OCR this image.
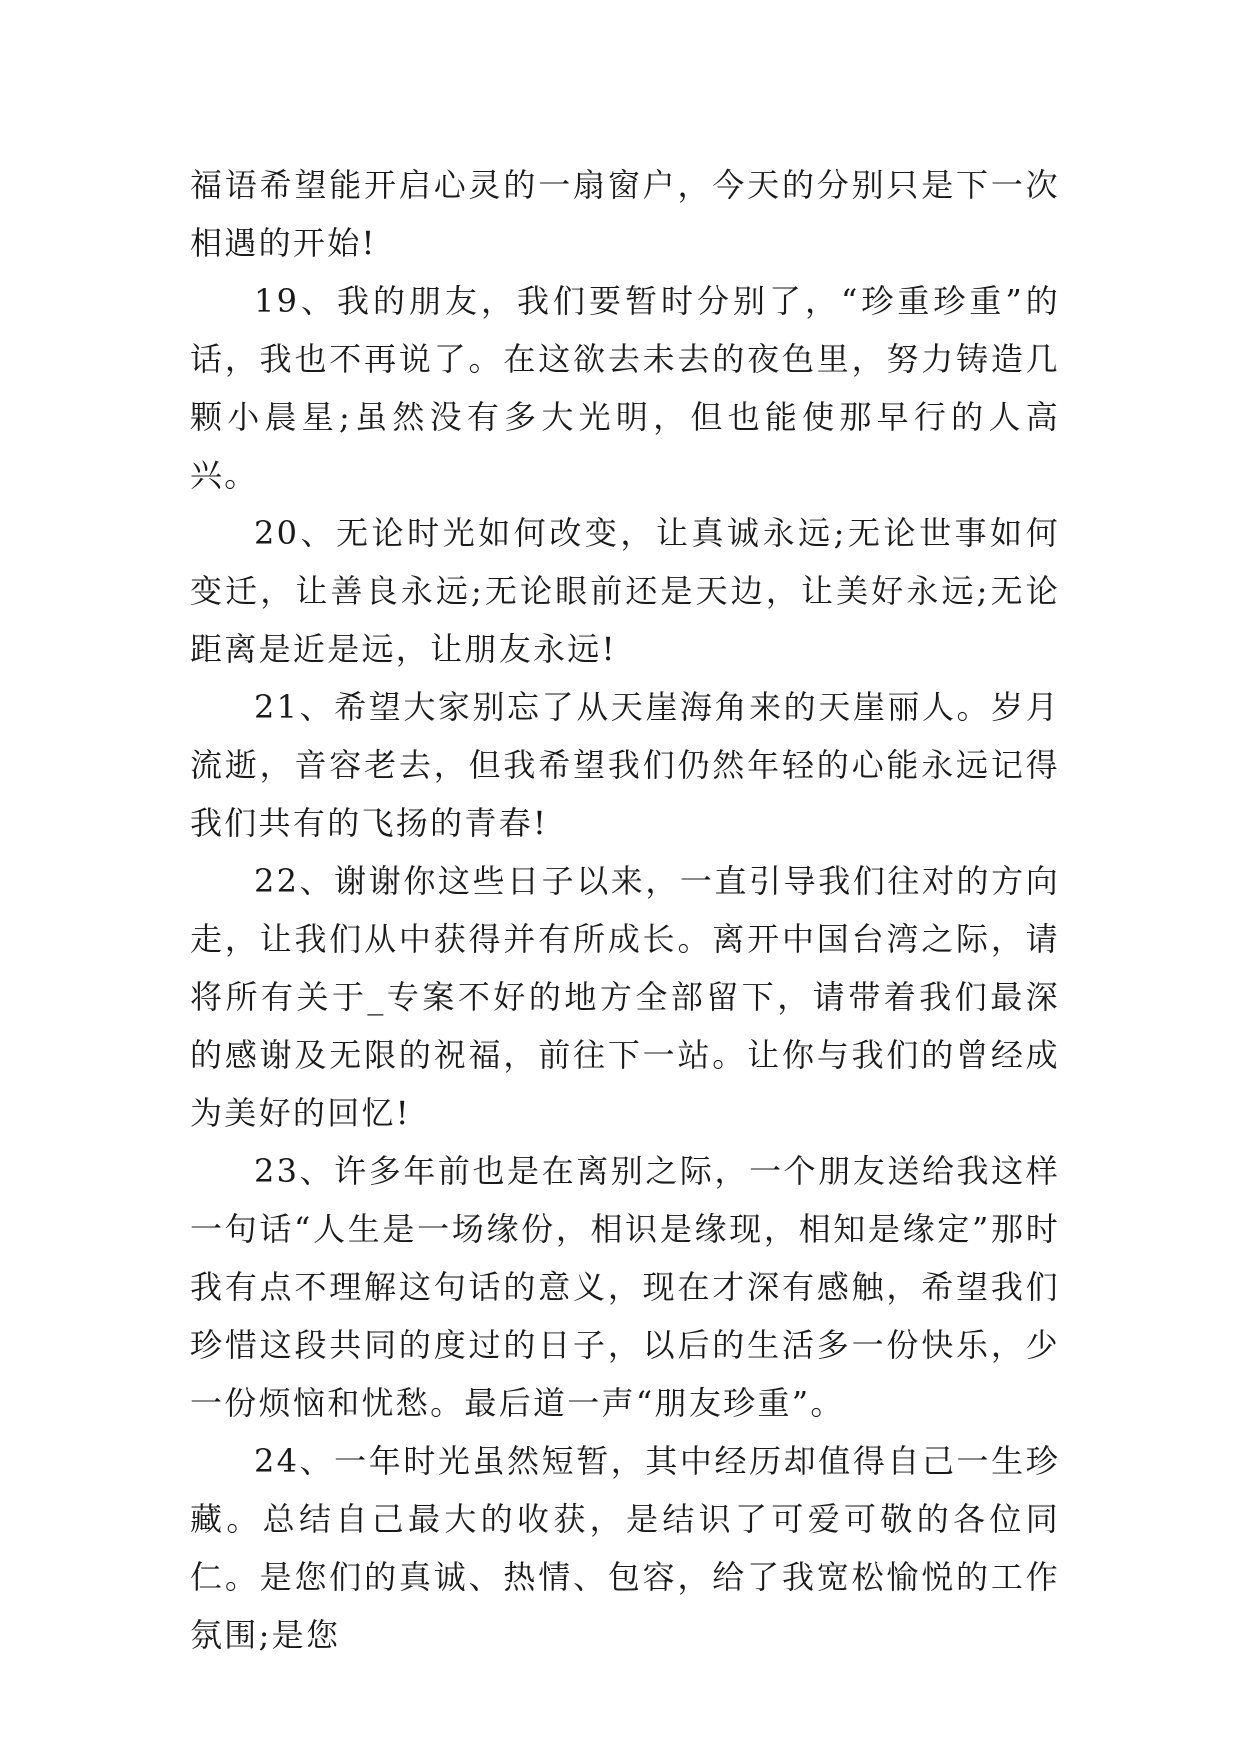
福语希望能开启心灵的一扇窗户，今天的分别只是下一次相遇的开始!

19、我的朋友，我们要暂时分别了，“珍重珍重”的话，我也不再说了。在这欲去未去的夜色里，努力铸造几颗小晨星;虽然没有多大光明，但也能使那早行的人高兴。

20、无论时光如何改变，让真诚永远;无论世事如何变迁，让善良永远;无论眼前还是天边，让美好永远;无论距离是近是远，让朋友永远!

21、希望大家别忘了从天崖海角来的天崖丽人。岁月流逝，音容老去，但我希望我们仍然年轻的心能永远记得我们共有的飞扬的青春!

22、谢谢你这些日子以来，一直引导我们往对的方向走，让我们从中获得并有所成长。离开中国台湾之际，请将所有关于_专案不好的地方全部留下，请带着我们最深的感谢及无限的祝福，前往下一站。让你与我们的曾经成为美好的回忆!

23、许多年前也是在离别之际，一个朋友送给我这样一句话“人生是一场缘份，相识是缘现，相知是缘定”那时我有点不理解这句话的意义，现在才深有感触，希望我们珍惜这段共同的度过的日子，以后的生活多一份快乐，少一份烦恼和忧愁。最后道一声“朋友珍重”。

24、一年时光虽然短暂，其中经历却值得自己一生珍藏。总结自己最大的收获，是结识了可爱可敬的各位同仁。是您们的真诚、热情、包容，给了我宽松愉悦的工作氛围;是您
